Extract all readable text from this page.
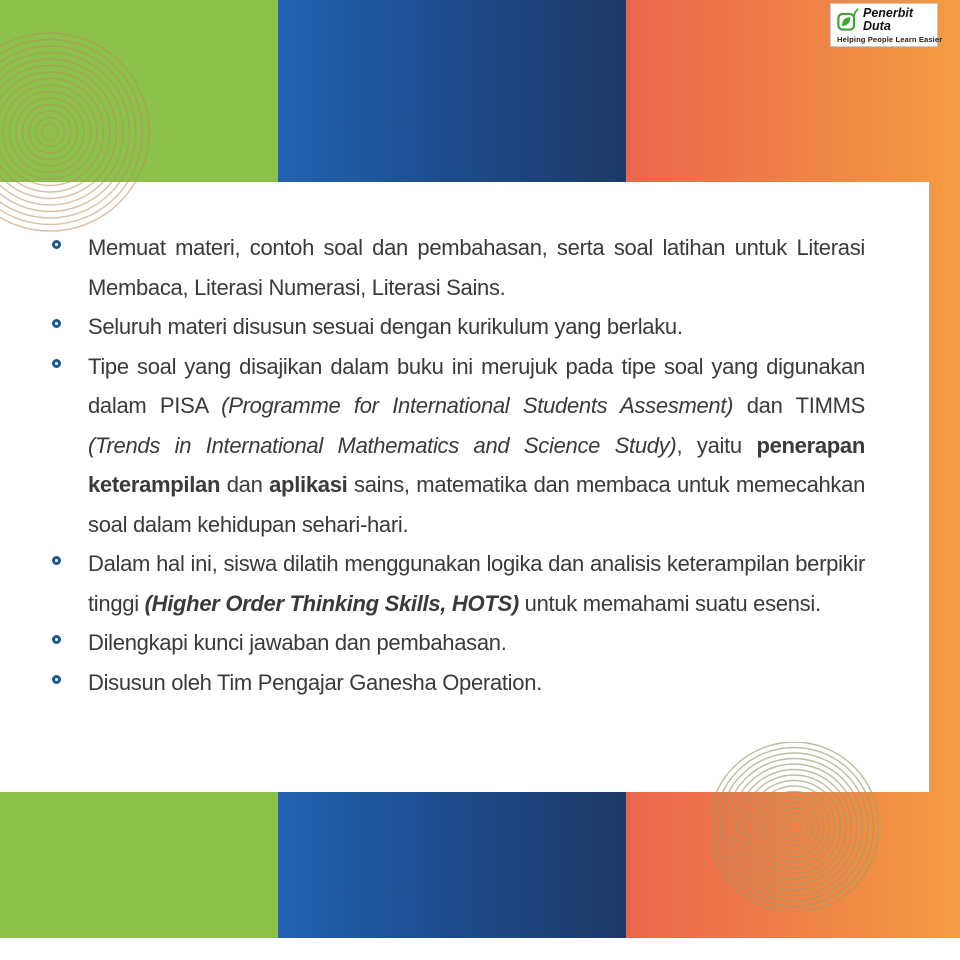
Memuat materi, contoh soal dan pembahasan, serta soal latihan untuk Literasi Membaca, Literasi Numerasi, Literasi Sains.
Seluruh materi disusun sesuai dengan kurikulum yang berlaku.
Tipe soal yang disajikan dalam buku ini merujuk pada tipe soal yang digunakan dalam PISA (Programme for International Students Assesment) dan TIMMS (Trends in International Mathematics and Science Study), yaitu penerapan keterampilan dan aplikasi sains, matematika dan membaca untuk memecahkan soal dalam kehidupan sehari-hari.
Dalam hal ini, siswa dilatih menggunakan logika dan analisis keterampilan berpikir tinggi (Higher Order Thinking Skills, HOTS) untuk memahami suatu esensi.
Dilengkapi kunci jawaban dan pembahasan.
Disusun oleh Tim Pengajar Ganesha Operation.
Penerbit
Duta
Helping People Learn Easier
